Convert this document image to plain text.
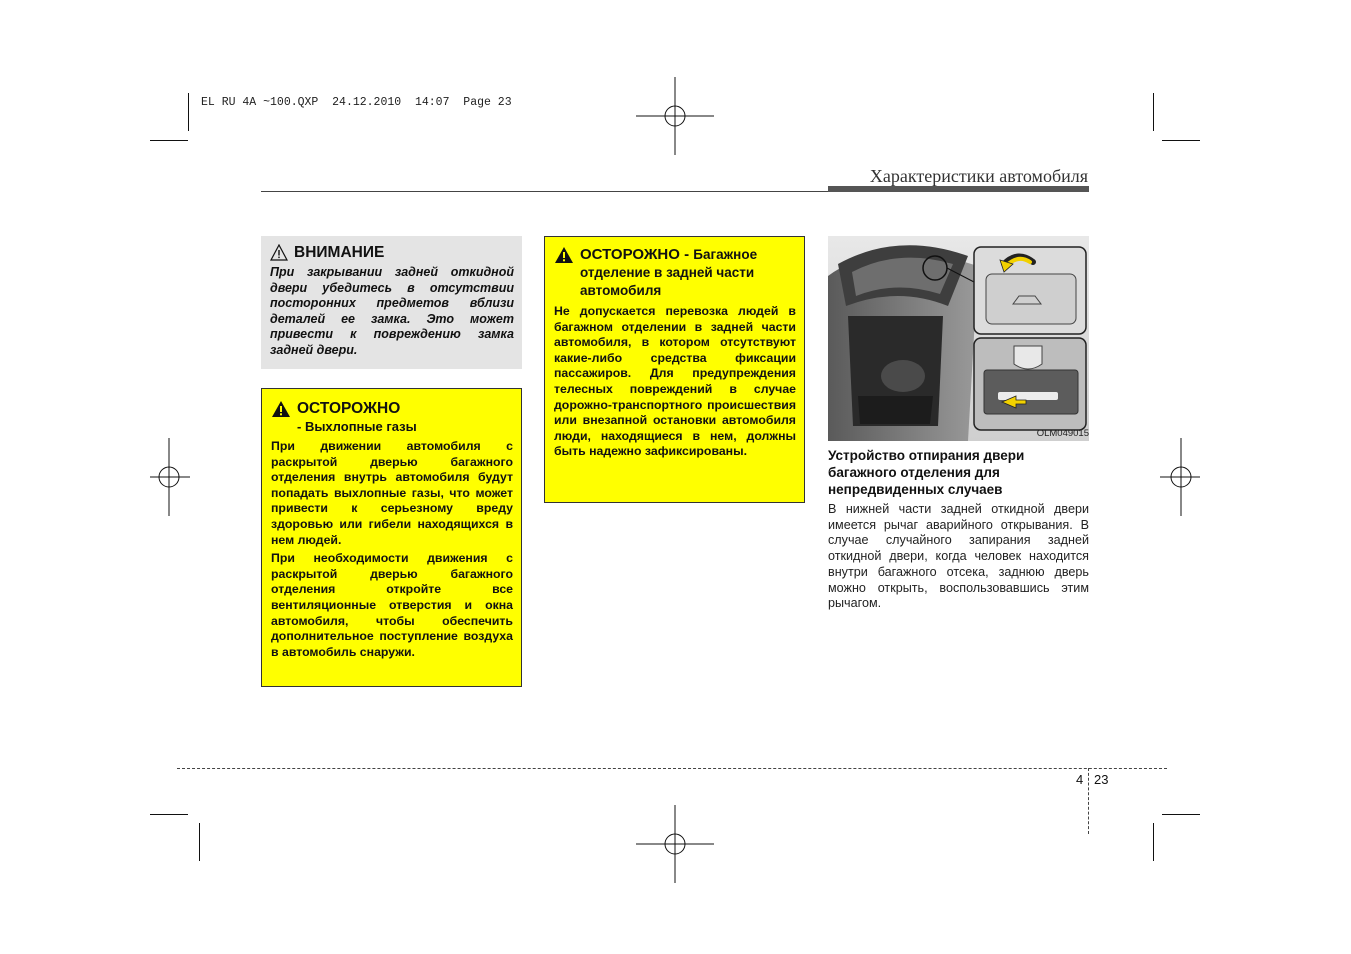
EL RU 4A ~100.QXP 24.12.2010 14:07 Page 23
Характеристики автомобиля
ВНИМАНИЕ

При закрывании задней откидной двери убедитесь в отсутствии посторонних предметов вблизи деталей ее замка. Это может привести к повреждению замка задней двери.

ОСТОРОЖНО
- Выхлопные газы

При движении автомобиля с раскрытой дверью багажного отделения внутрь автомобиля будут попадать выхлопные газы, что может привести к серьезному вреду здоровью или гибели находящихся в нем людей.

При необходимости движения с раскрытой дверью багажного отделения откройте все вентиляционные отверстия и окна автомобиля, чтобы обеспечить дополнительное поступление воздуха в автомобиль снаружи.

ОСТОРОЖНО - Багажное отделение в задней части автомобиля

Не допускается перевозка людей в багажном отделении в задней части автомобиля, в котором отсутствуют какие-либо средства фиксации пассажиров. Для предупреждения телесных повреждений в случае дорожно-транспортного происшествия или внезапной остановки автомобиля люди, находящиеся в нем, должны быть надежно зафиксированы.

OLM049015
Устройство отпирания двери багажного отделения для непредвиденных случаев
В нижней части задней откидной двери имеется рычаг аварийного открывания. В случае случайного запирания задней откидной двери, когда человек находится внутри багажного отсека, заднюю дверь можно открыть, воспользовавшись этим рычагом.
4 23
